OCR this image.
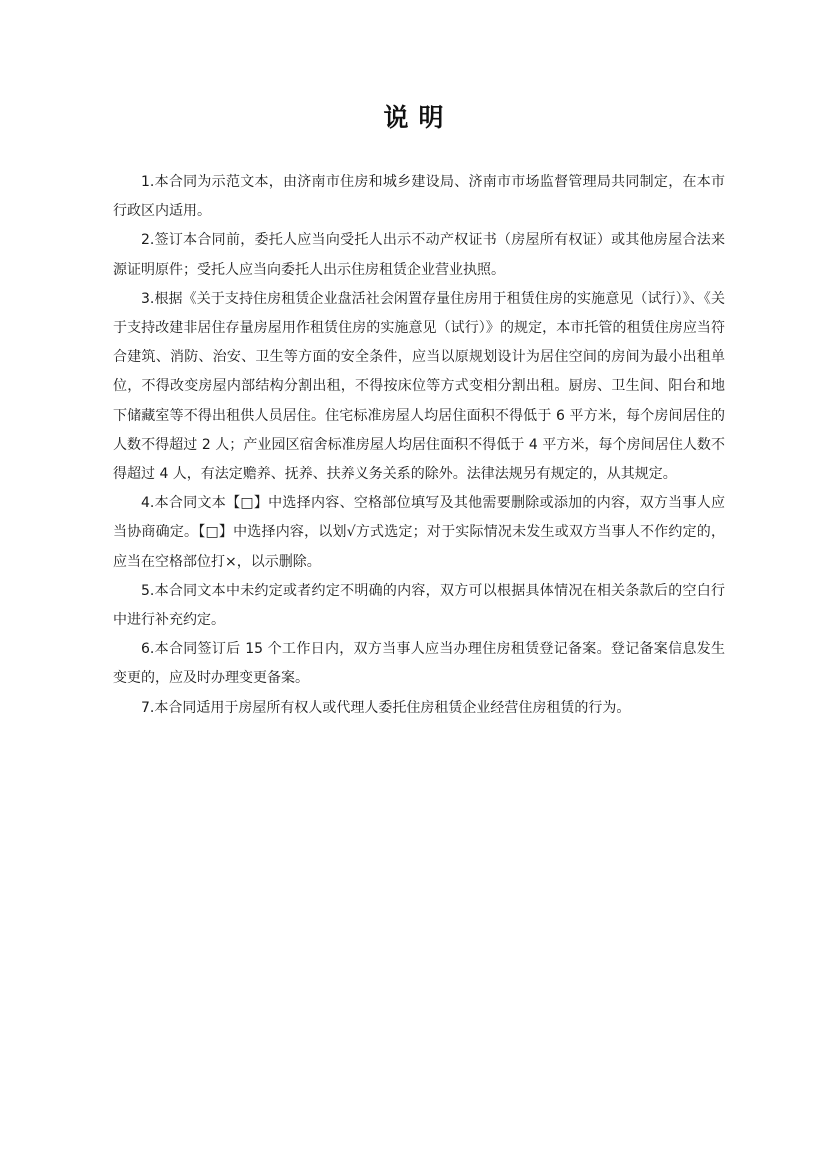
说明

1.本合同为示范文本，由济南市住房和城乡建设局、济南市市场监督管理局共同制定，在本市行政区内适用。

2.签订本合同前，委托人应当向受托人出示不动产权证书（房屋所有权证）或其他房屋合法来源证明原件；受托人应当向委托人出示住房租赁企业营业执照。

3.根据《关于支持住房租赁企业盘活社会闲置存量住房用于租赁住房的实施意见（试行）》、《关于支持改建非居住存量房屋用作租赁住房的实施意见（试行）》的规定，本市托管的租赁住房应当符合建筑、消防、治安、卫生等方面的安全条件，应当以原规划设计为居住空间的房间为最小出租单位，不得改变房屋内部结构分割出租，不得按床位等方式变相分割出租。厨房、卫生间、阳台和地下储藏室等不得出租供人员居住。住宅标准房屋人均居住面积不得低于 6 平方米，每个房间居住的人数不得超过 2 人；产业园区宿舍标准房屋人均居住面积不得低于 4 平方米，每个房间居住人数不得超过 4 人，有法定赡养、抚养、扶养义务关系的除外。法律法规另有规定的，从其规定。

4.本合同文本【□】中选择内容、空格部位填写及其他需要删除或添加的内容，双方当事人应当协商确定。【□】中选择内容，以划√方式选定；对于实际情况未发生或双方当事人不作约定的，应当在空格部位打×，以示删除。

5.本合同文本中未约定或者约定不明确的内容，双方可以根据具体情况在相关条款后的空白行中进行补充约定。

6.本合同签订后 15 个工作日内，双方当事人应当办理住房租赁登记备案。登记备案信息发生变更的，应及时办理变更备案。

7.本合同适用于房屋所有权人或代理人委托住房租赁企业经营住房租赁的行为。
